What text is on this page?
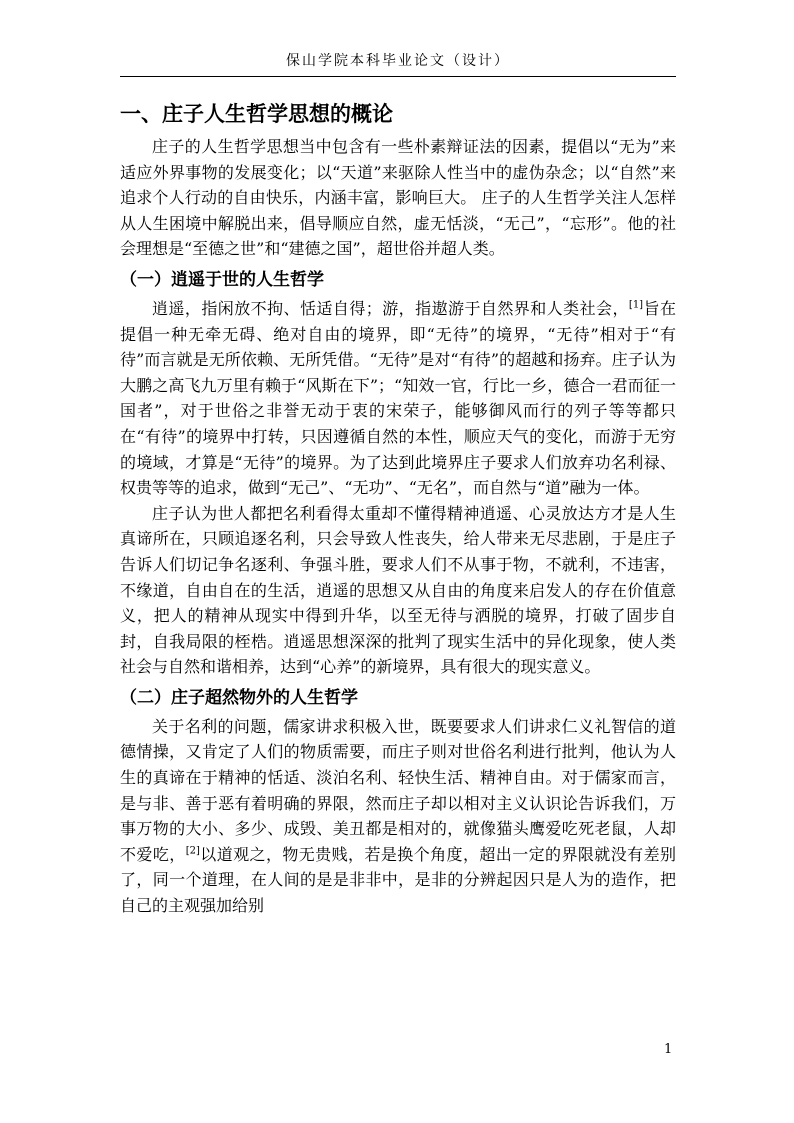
保山学院本科毕业论文（设计）
一、庄子人生哲学思想的概论

庄子的人生哲学思想当中包含有一些朴素辩证法的因素，提倡以“无为”来适应外界事物的发展变化；以“天道”来驱除人性当中的虚伪杂念；以“自然”来追求个人行动的自由快乐，内涵丰富，影响巨大。 庄子的人生哲学关注人怎样从人生困境中解脱出来，倡导顺应自然，虚无恬淡，“无己”，“忘形”。他的社会理想是“至德之世”和“建德之国”，超世俗并超人类。

（一）逍遥于世的人生哲学

逍遥，指闲放不拘、恬适自得；游，指遨游于自然界和人类社会，[1]旨在提倡一种无牵无碍、绝对自由的境界，即“无待”的境界，“无待”相对于“有待”而言就是无所依赖、无所凭借。“无待”是对“有待”的超越和扬弃。庄子认为大鹏之高飞九万里有赖于“风斯在下”；“知效一官，行比一乡，德合一君而征一国者”，对于世俗之非誉无动于衷的宋荣子，能够御风而行的列子等等都只在“有待”的境界中打转，只因遵循自然的本性，顺应天气的变化，而游于无穷的境域，才算是“无待”的境界。为了达到此境界庄子要求人们放弃功名利禄、权贵等等的追求，做到“无己”、“无功”、“无名”，而自然与“道”融为一体。

庄子认为世人都把名利看得太重却不懂得精神逍遥、心灵放达方才是人生真谛所在，只顾追逐名利，只会导致人性丧失，给人带来无尽悲剧，于是庄子告诉人们切记争名逐利、争强斗胜，要求人们不从事于物，不就利，不违害，不缘道，自由自在的生活，逍遥的思想又从自由的角度来启发人的存在价值意义，把人的精神从现实中得到升华，以至无待与洒脱的境界，打破了固步自封，自我局限的桎梏。逍遥思想深深的批判了现实生活中的异化现象，使人类社会与自然和谐相养，达到“心养”的新境界，具有很大的现实意义。

（二）庄子超然物外的人生哲学

关于名利的问题，儒家讲求积极入世，既要要求人们讲求仁义礼智信的道德情操，又肯定了人们的物质需要，而庄子则对世俗名利进行批判，他认为人生的真谛在于精神的恬适、淡泊名利、轻快生活、精神自由。对于儒家而言，是与非、善于恶有着明确的界限，然而庄子却以相对主义认识论告诉我们，万事万物的大小、多少、成毁、美丑都是相对的，就像猫头鹰爱吃死老鼠，人却不爱吃，[2]以道观之，物无贵贱，若是换个角度，超出一定的界限就没有差别了，同一个道理，在人间的是是非非中，是非的分辨起因只是人为的造作，把自己的主观强加给别

1
